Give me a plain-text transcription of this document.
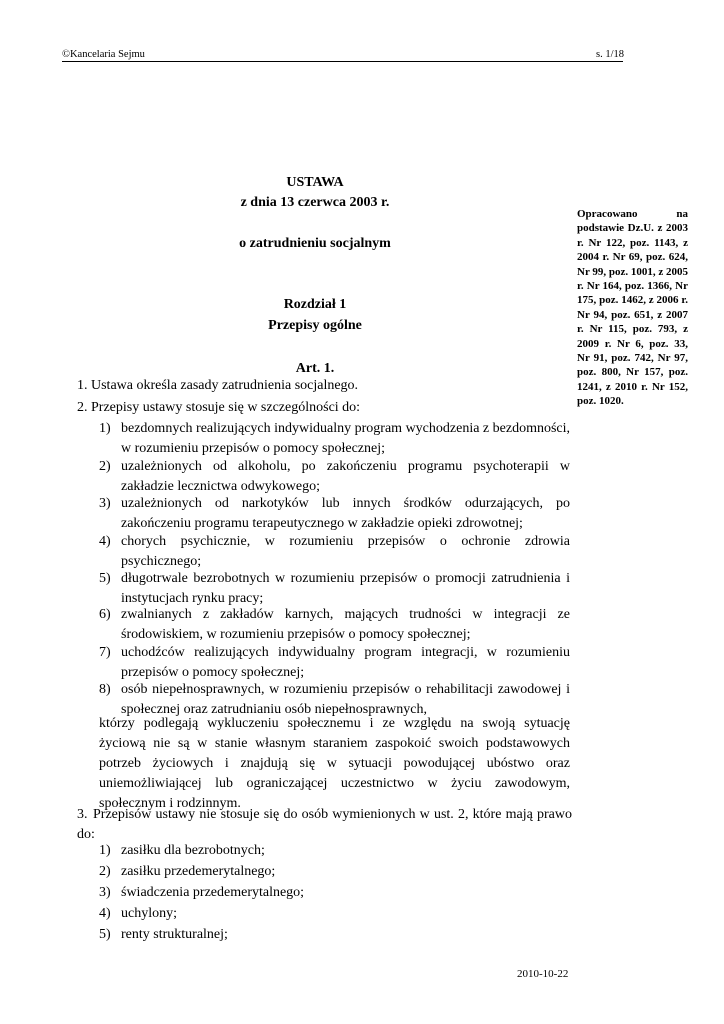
©Kancelaria Sejmu	s. 1/18
USTAWA
z dnia 13 czerwca 2003 r.
o zatrudnieniu socjalnym
Rozdział 1
Przepisy ogólne
Art. 1.
Opracowano na podstawie Dz.U. z 2003 r. Nr 122, poz. 1143, z 2004 r. Nr 69, poz. 624, Nr 99, poz. 1001, z 2005 r. Nr 164, poz. 1366, Nr 175, poz. 1462, z 2006 r. Nr 94, poz. 651, z 2007 r. Nr 115, poz. 793, z 2009 r. Nr 6, poz. 33, Nr 91, poz. 742, Nr 97, poz. 800, Nr 157, poz. 1241, z 2010 r. Nr 152, poz. 1020.
1. Ustawa określa zasady zatrudnienia socjalnego.
2. Przepisy ustawy stosuje się w szczególności do:
1) bezdomnych realizujących indywidualny program wychodzenia z bezdomności, w rozumieniu przepisów o pomocy społecznej;
2) uzależnionych od alkoholu, po zakończeniu programu psychoterapii w zakładzie lecznictwa odwykowego;
3) uzależnionych od narkotyków lub innych środków odurzających, po zakończeniu programu terapeutycznego w zakładzie opieki zdrowotnej;
4) chorych psychicznie, w rozumieniu przepisów o ochronie zdrowia psychicznego;
5) długotrwale bezrobotnych w rozumieniu przepisów o promocji zatrudnienia i instytucjach rynku pracy;
6) zwalnianych z zakładów karnych, mających trudności w integracji ze środowiskiem, w rozumieniu przepisów o pomocy społecznej;
7) uchodźców realizujących indywidualny program integracji, w rozumieniu przepisów o pomocy społecznej;
8) osób niepełnosprawnych, w rozumieniu przepisów o rehabilitacji zawodowej i społecznej oraz zatrudnianiu osób niepełnosprawnych,
którzy podlegają wykluczeniu społecznemu i ze względu na swoją sytuację życiową nie są w stanie własnym staraniem zaspokoić swoich podstawowych potrzeb życiowych i znajdują się w sytuacji powodującej ubóstwo oraz uniemożliwiającej lub ograniczającej uczestnictwo w życiu zawodowym, społecznym i rodzinnym.
3. Przepisów ustawy nie stosuje się do osób wymienionych w ust. 2, które mają prawo do:
1) zasiłku dla bezrobotnych;
2) zasiłku przedemerytalnego;
3) świadczenia przedemerytalnego;
4) uchylony;
5) renty strukturalnej;
2010-10-22
